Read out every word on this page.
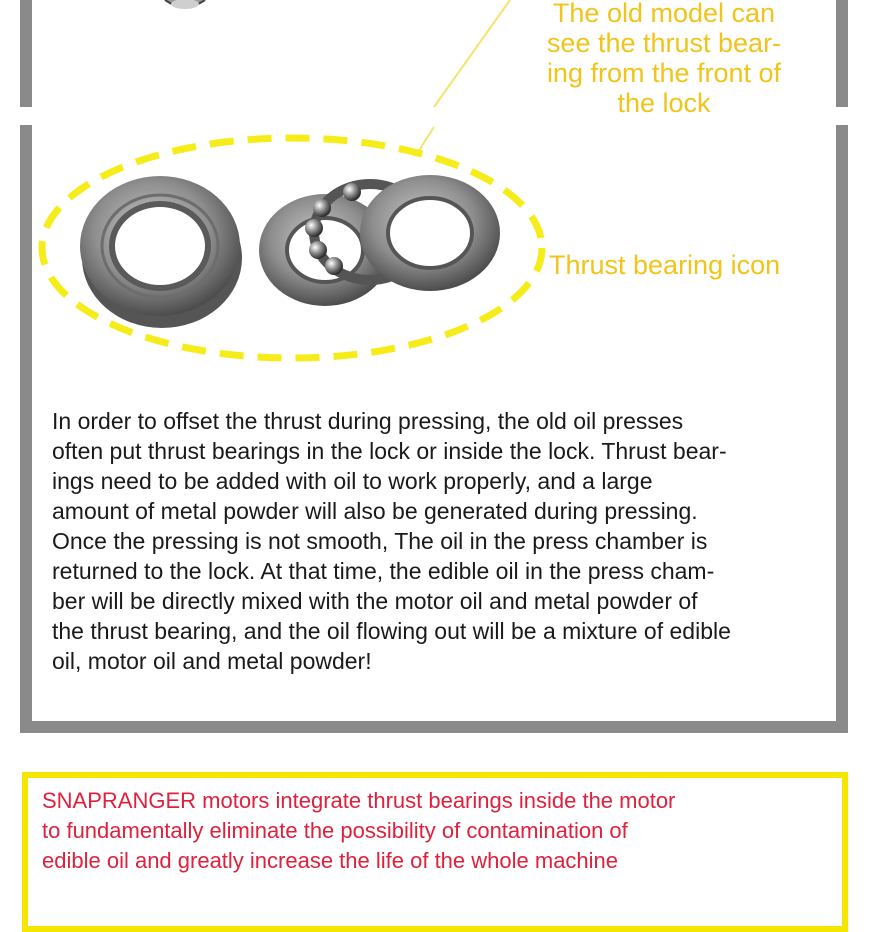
The old model can
see the thrust bear-
ing from the front of
the lock
Thrust bearing icon
In order to offset the thrust during pressing, the old oil presses
often put thrust bearings in the lock or inside the lock. Thrust bear-
ings need to be added with oil to work properly, and a large
amount of metal powder will also be generated during pressing.
Once the pressing is not smooth, The oil in the press chamber is
returned to the lock. At that time, the edible oil in the press cham-
ber will be directly mixed with the motor oil and metal powder of
the thrust bearing, and the oil flowing out will be a mixture of edible
oil, motor oil and metal powder!
SNAPRANGER motors integrate thrust bearings inside the motor
to fundamentally eliminate the possibility of contamination of
edible oil and greatly increase the life of the whole machine
